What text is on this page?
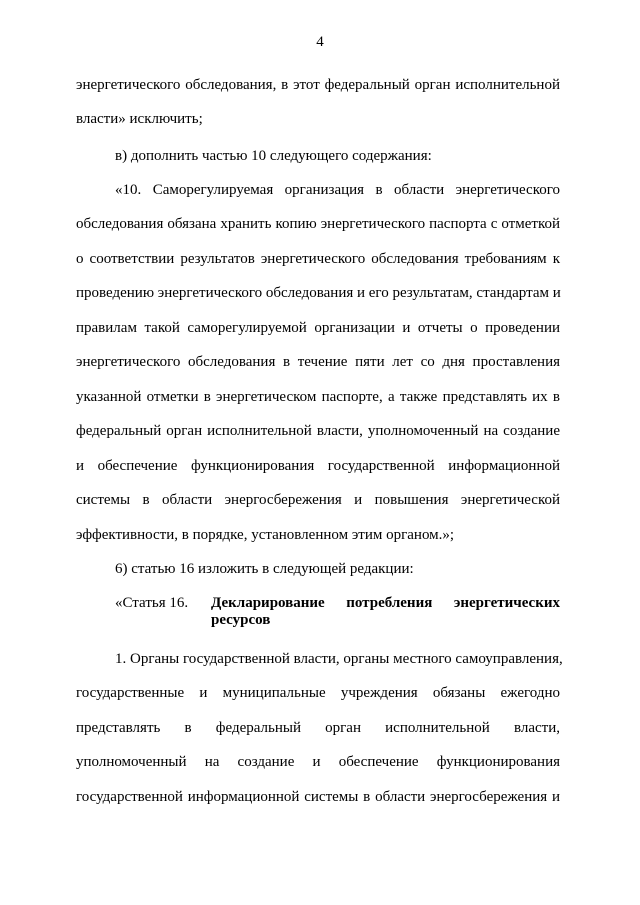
4
энергетического обследования, в этот федеральный орган исполнительной
власти» исключить;
в) дополнить частью 10 следующего содержания:
«10. Саморегулируемая организация в области энергетического
обследования обязана хранить копию энергетического паспорта с отметкой
о соответствии результатов энергетического обследования требованиям к
проведению энергетического обследования и его результатам, стандартам и
правилам такой саморегулируемой организации и отчеты о проведении
энергетического обследования в течение пяти лет со дня проставления
указанной отметки в энергетическом паспорте, а также представлять их в
федеральный орган исполнительной власти, уполномоченный на создание
и обеспечение функционирования государственной информационной
системы в области энергосбережения и повышения энергетической
эффективности, в порядке, установленном этим органом.»;
6) статью 16 изложить в следующей редакции:
«Статья 16. Декларирование потребления энергетических
ресурсов
1. Органы государственной власти, органы местного самоуправления,
государственные и муниципальные учреждения обязаны ежегодно
представлять в федеральный орган исполнительной власти,
уполномоченный на создание и обеспечение функционирования
государственной информационной системы в области энергосбережения и
